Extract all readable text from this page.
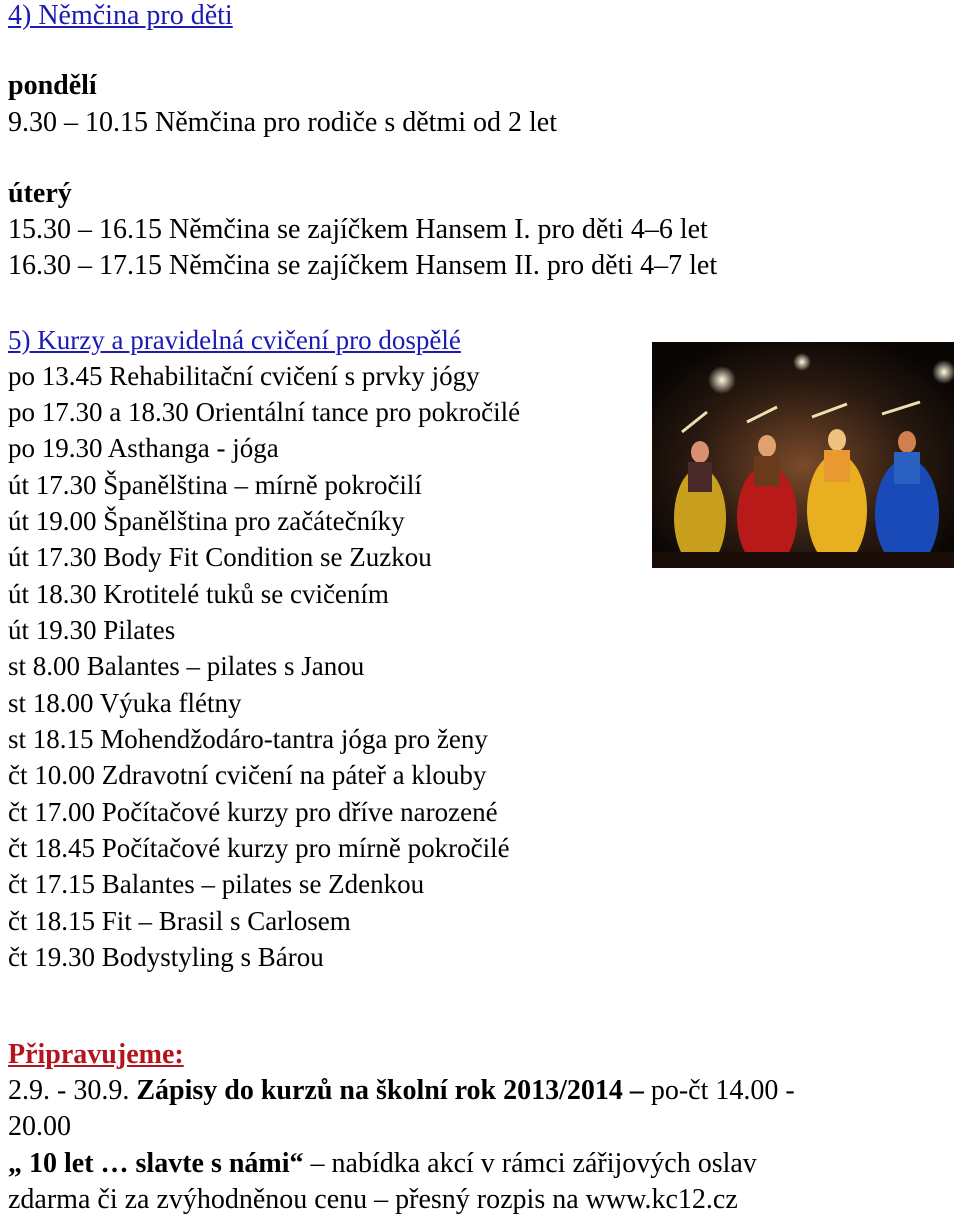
4) Němčina pro děti
pondělí
9.30 – 10.15 Němčina pro rodiče s dětmi od 2 let
úterý
15.30 – 16.15 Němčina se zajíčkem Hansem I. pro děti 4–6 let
16.30 – 17.15 Němčina se zajíčkem Hansem II. pro děti 4–7 let
5) Kurzy a pravidelná cvičení pro dospělé
po 13.45 Rehabilitační cvičení s prvky jógy
po 17.30 a 18.30 Orientální tance pro pokročilé
po 19.30 Asthanga - jóga
út 17.30 Španělština – mírně pokročilí
út 19.00 Španělština pro začátečníky
út 17.30 Body Fit Condition se Zuzkou
út 18.30 Krotitelé tuků se cvičením
út 19.30 Pilates
st 8.00 Balantes – pilates s Janou
st 18.00 Výuka flétny
st 18.15 Mohendžodáro-tantra jóga pro ženy
čt 10.00 Zdravotní cvičení na páteř a klouby
čt 17.00 Počítačové kurzy pro dříve narozené
čt 18.45 Počítačové kurzy pro mírně pokročilé
čt 17.15 Balantes – pilates se Zdenkou
čt 18.15 Fit – Brasil s Carlosem
čt 19.30 Bodystyling s Bárou
Připravujeme:
2.9. - 30.9. Zápisy do kurzů na školní rok 2013/2014 – po-čt 14.00 -
20.00
„ 10 let … slavte s námi“ – nabídka akcí v rámci zářijových oslav
zdarma či za zvýhodněnou cenu – přesný rozpis na www.kc12.cz
